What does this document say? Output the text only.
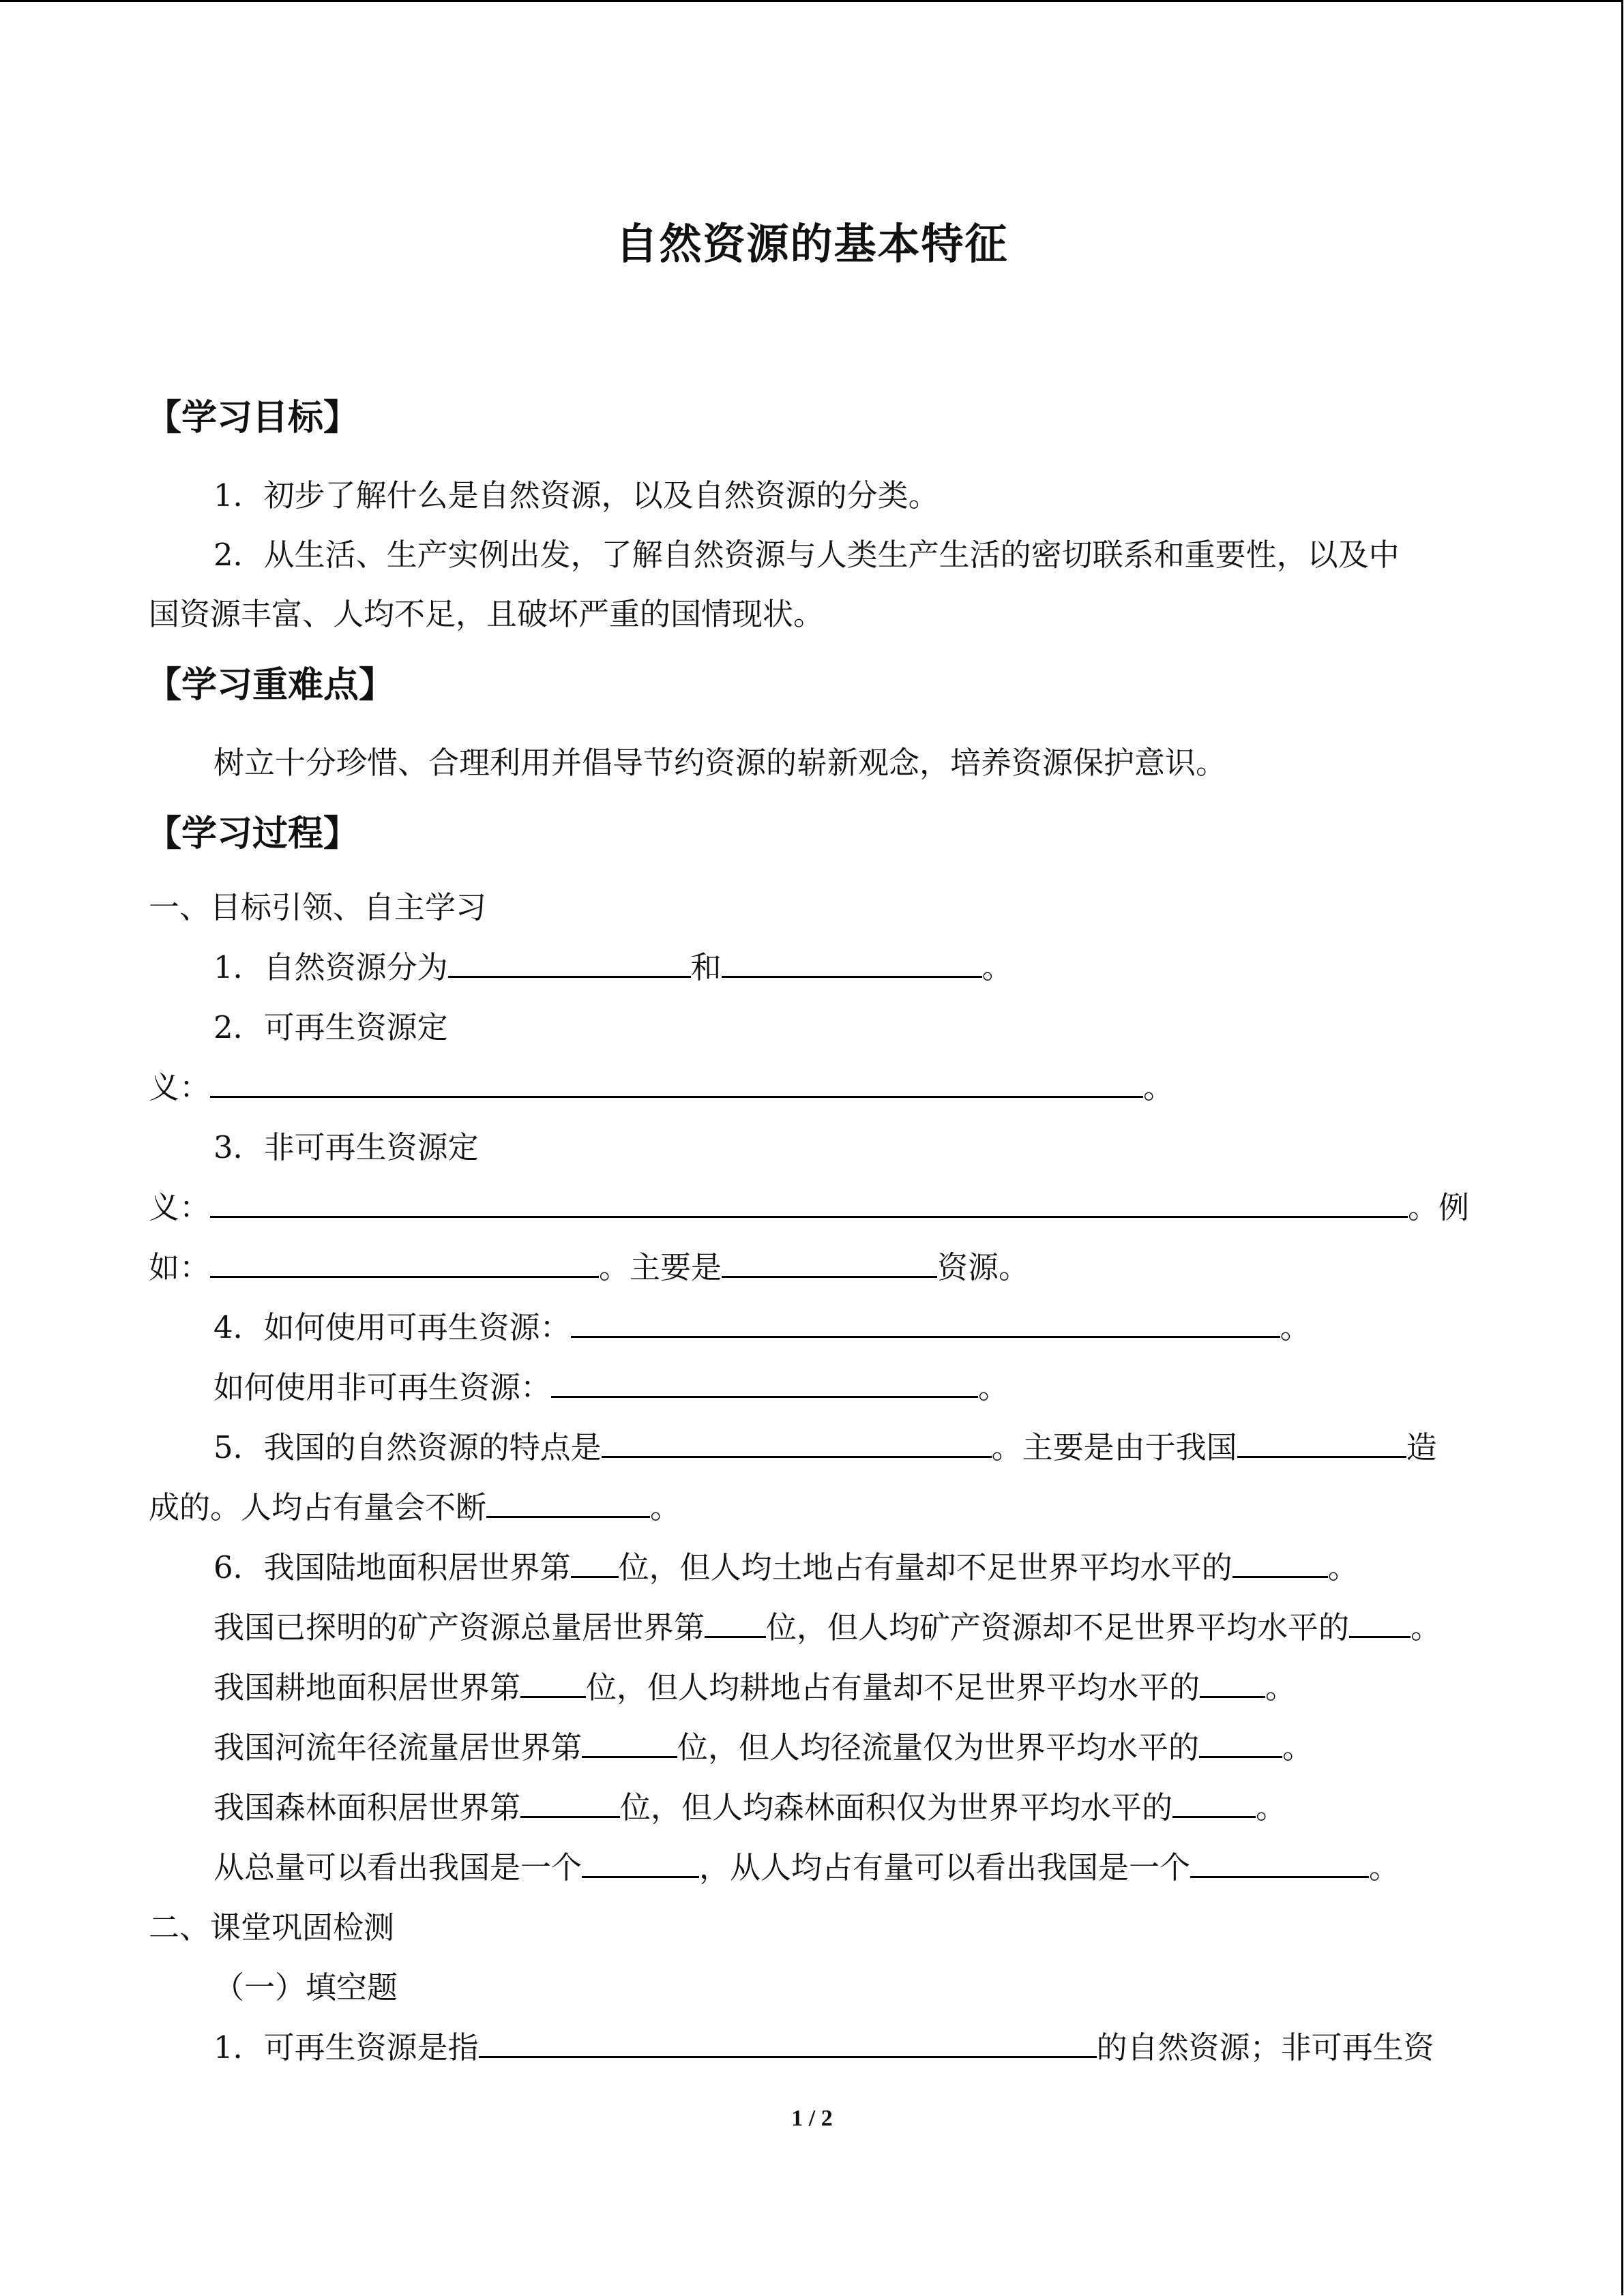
自然资源的基本特征
【学习目标】
1．初步了解什么是自然资源，以及自然资源的分类。
2．从生活、生产实例出发，了解自然资源与人类生产生活的密切联系和重要性，以及中
国资源丰富、人均不足，且破坏严重的国情现状。
【学习重难点】
树立十分珍惜、合理利用并倡导节约资源的崭新观念，培养资源保护意识。
【学习过程】
一、目标引领、自主学习
1．自然资源分为	和	。
2．可再生资源定
义：	。
3．非可再生资源定
义：	。例
如：	。主要是	资源。
4．如何使用可再生资源：	。
如何使用非可再生资源：	。
5．我国的自然资源的特点是	。主要是由于我国	造
成的。人均占有量会不断	。
6．我国陆地面积居世界第 位，但人均土地占有量却不足世界平均水平的	。
我国已探明的矿产资源总量居世界第 位，但人均矿产资源却不足世界平均水平的 。
我国耕地面积居世界第 位，但人均耕地占有量却不足世界平均水平的 。
我国河流年径流量居世界第	位，但人均径流量仅为世界平均水平的	。
我国森林面积居世界第	位，但人均森林面积仅为世界平均水平的	。
从总量可以看出我国是一个	，从人均占有量可以看出我国是一个	。
二、课堂巩固检测
（一）填空题
1．可再生资源是指	的自然资源；非可再生资
1 / 2
